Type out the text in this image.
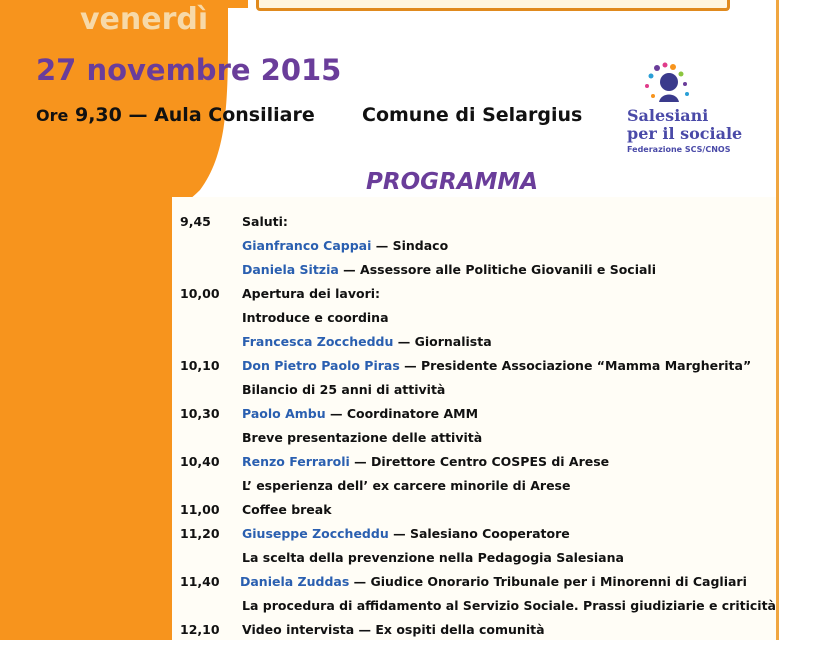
venerdì
27 novembre 2015
Ore 9,30 — Aula Consiliare Comune di Selargius	Salesiani
per il sociale
Federazione SCS/CNOS
PROGRAMMA
9,45 Saluti:
Gianfranco Cappai — Sindaco
Daniela Sitzia — Assessore alle Politiche Giovanili e Sociali
10,00 Apertura dei lavori:
Introduce e coordina
Francesca Zoccheddu — Giornalista
10,10 Don Pietro Paolo Piras — Presidente Associazione “Mamma Margherita”
Bilancio di 25 anni di attività
10,30 Paolo Ambu — Coordinatore AMM
Breve presentazione delle attività
10,40 Renzo Ferraroli — Direttore Centro COSPES di Arese
L’ esperienza dell’ ex carcere minorile di Arese
11,00 Coffee break
11,20 Giuseppe Zoccheddu — Salesiano Cooperatore
La scelta della prevenzione nella Pedagogia Salesiana
11,40 Daniela Zuddas — Giudice Onorario Tribunale per i Minorenni di Cagliari
La procedura di affidamento al Servizio Sociale. Prassi giudiziarie e criticità
12,10 Video intervista — Ex ospiti della comunità
